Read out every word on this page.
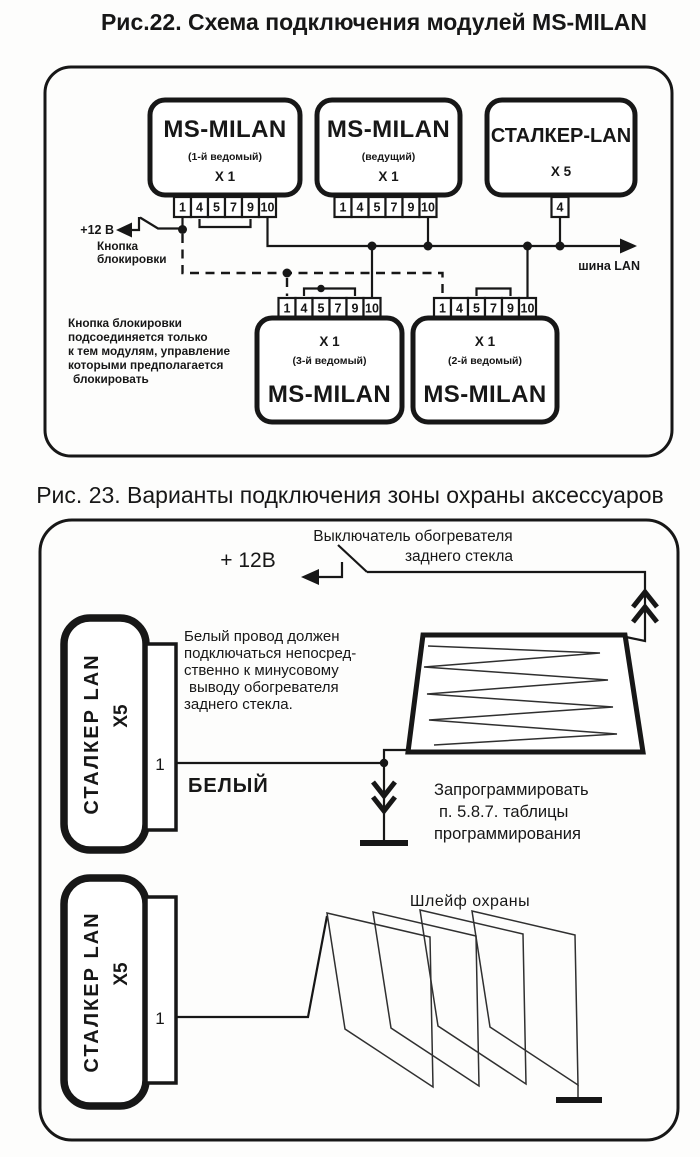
Рис.22. Схема подключения модулей MS-MILAN
MS-MILAN
(1-й ведомый)
X 1
1 4 5 7 9 10
MS-MILAN
(ведущий)
X 1
1 4 5 7 9 10
СТАЛКЕР-LAN
X 5
4
+12 В
Кнопка
блокировки	шина LAN
1 4 5 7 9 10
X 1
(3-й ведомый)
MS-MILAN
1 4 5 7 9 10
X 1
(2-й ведомый)
MS-MILAN
Кнопка блокировки
подсоединяется только
к тем модулям, управление
которыми предполагается
блокировать
Рис. 23. Варианты подключения зоны охраны аксессуаров
Выключатель обогревателя
заднего стекла
+ 12В
СТАЛКЕР LAN X5
1
БЕЛЫЙ
Белый провод должен
подключаться непосред-
ственно к минусовому
выводу обогревателя
заднего стекла.
Запрограммировать
п. 5.8.7. таблицы
программирования
СТАЛКЕР LAN X5
1
Шлейф охраны
